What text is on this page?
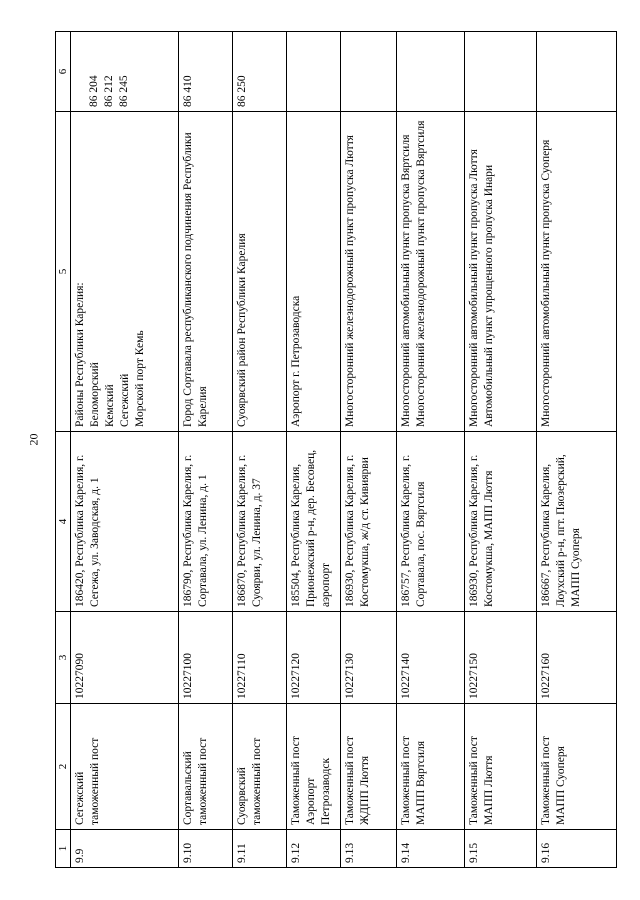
20
1	2	3	4	5	6
9.9	Сегежский таможенный пост	10227090	186420, Республика Карелия, г. Сегежа, ул. Заводская, д. 1	Районы Республики Карелия: Беломорский Кемский Сегежский Морской порт Кемь	86 204 86 212 86 245

9.10	Сортавальский таможенный пост	10227100	186790, Республика Карелия, г. Сортавала, ул. Ленина, д. 1	Город Сортавала республиканского подчинения Республики Карелия	86 410
9.11	Суоярвский таможенный пост	10227110	186870, Республика Карелия, г. Суоярви, ул. Ленина, д. 37	Суоярвский район Республики Карелия	86 250
9.12	Таможенный пост Аэропорт Петрозаводск	10227120	185504, Республика Карелия, Прионежский р-н, дер. Бесовец, аэропорт	Аэропорт г. Петрозаводска	
9.13	Таможенный пост ЖДПП Люття	10227130	186930, Республика Карелия, г. Костомукша, ж/д ст. Кивиярви	Многосторонний железнодорожный пункт пропуска Люття	
9.14	Таможенный пост МАПП Вяртсиля	10227140	186757, Республика Карелия, г. Сортавала, пос. Вяртсиля	Многосторонний автомобильный пункт пропуска Вяртсиля Многосторонний железнодорожный пункт пропуска Вяртсиля	
9.15	Таможенный пост МАПП Люття	10227150	186930, Республика Карелия, г. Костомукша, МАПП Люття	Многосторонний автомобильный пункт пропуска Люття Автомобильный пункт упрощенного пропуска Инари	

9.16	Таможенный пост МАПП Суоперя	10227160	186667, Республика Карелия, Лоухский р-н, пгт. Пяозерский, МАПП Суоперя	Многосторонний автомобильный пункт пропуска Суоперя	
